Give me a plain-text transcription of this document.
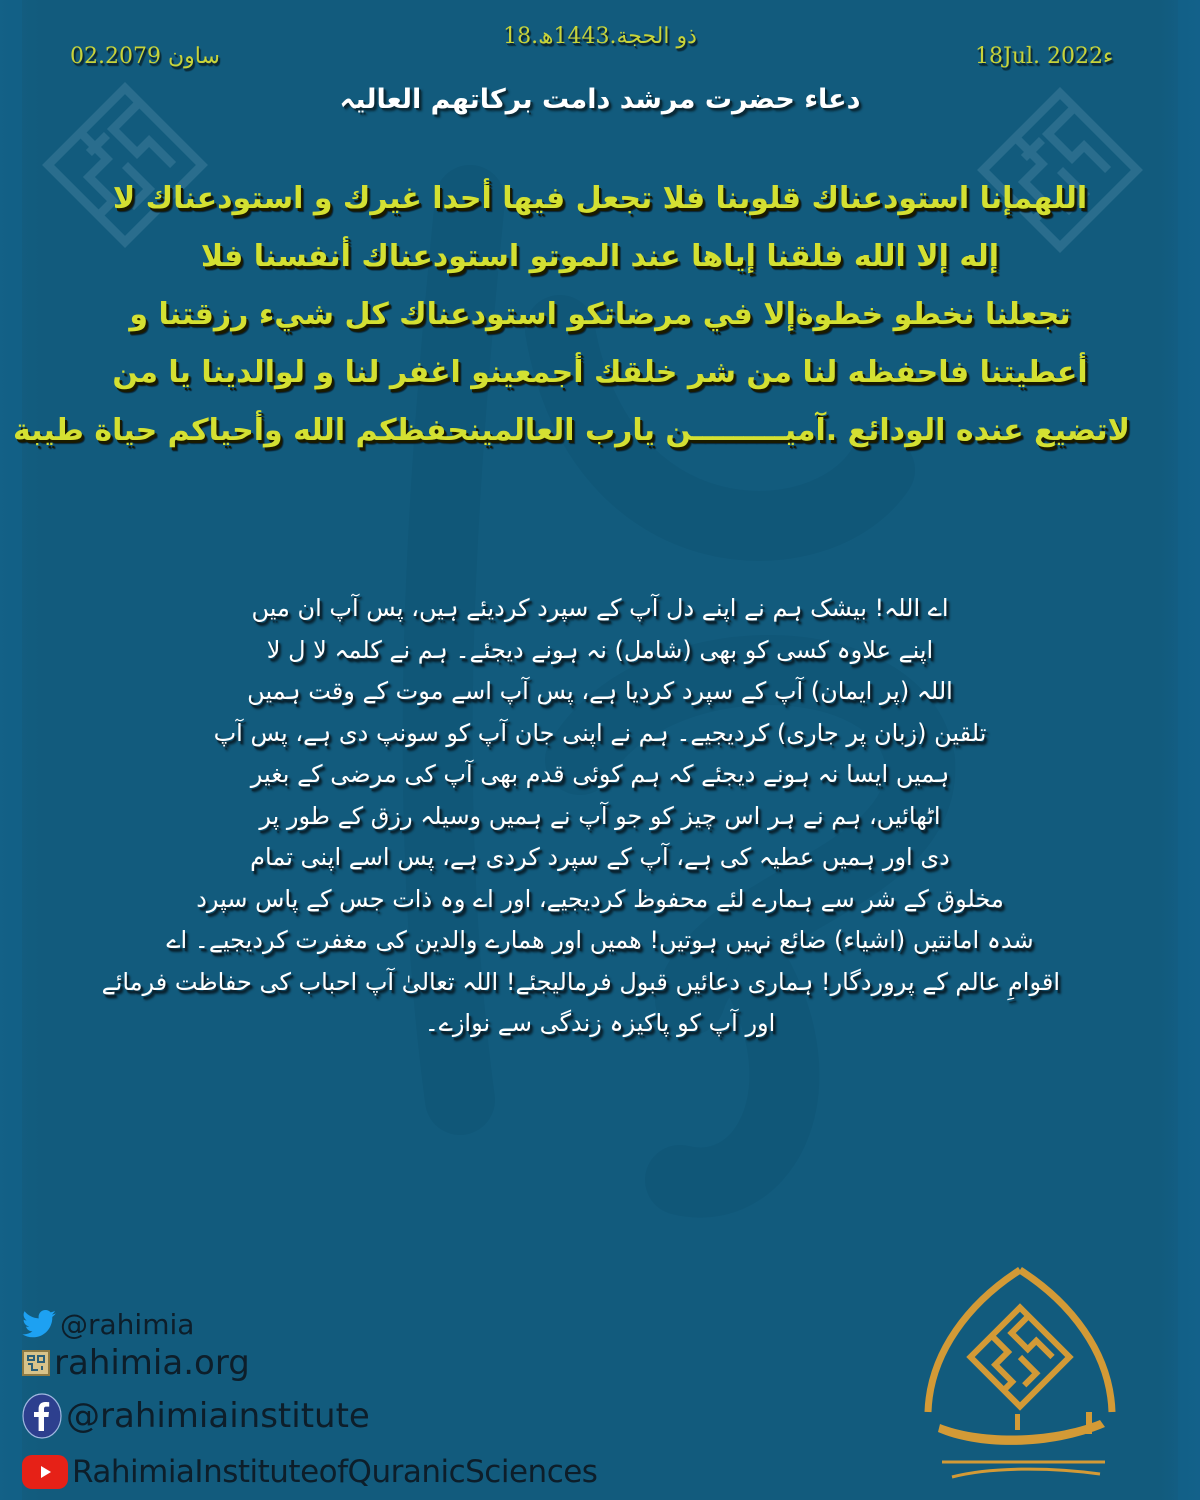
18.ذو الحجة.1443ھ
02.ساون 2079	18Jul. 2022ء
دعاء حضرت مرشد دامت برکاتھم العالیہ
اللهمإنا استودعناك قلوبنا فلا تجعل فيها أحدا غيرك و استودعناك لا
إله إلا الله فلقنا إياها عند الموتو استودعناك أنفسنا فلا
تجعلنا نخطو خطوةإلا في مرضاتكو استودعناك كل شيء رزقتنا و
أعطيتنا فاحفظه لنا من شر خلقك أجمعينو اغفر لنا و لوالدينا يا من
لاتضيع عنده الودائع .آميـــــــــن يارب العالمينحفظكم الله وأحياكم حياة طيبة
اے اللہ! بیشک ہم نے اپنے دل آپ کے سپرد کردیئے ہیں، پس آپ ان میں
اپنے علاوہ کسی کو بھی (شامل) نہ ہونے دیجئے۔ ہم نے کلمہ لا ل لا
اللہ (پر ایمان) آپ کے سپرد کردیا ہے، پس آپ اسے موت کے وقت ہمیں
تلقین (زبان پر جاری) کردیجیے۔ ہم نے اپنی جان آپ کو سونپ دی ہے، پس آپ
ہمیں ایسا نہ ہونے دیجئے کہ ہم کوئی قدم بھی آپ کی مرضی کے بغیر
اٹھائیں، ہم نے ہر اس چیز کو جو آپ نے ہمیں وسیلہ رزق کے طور پر
دی اور ہمیں عطیہ کی ہے، آپ کے سپرد کردی ہے، پس اسے اپنی تمام
مخلوق کے شر سے ہمارے لئے محفوظ کردیجیے، اور اے وہ ذات جس کے پاس سپرد
شدہ امانتیں (اشیاء) ضائع نہیں ہوتیں! ھمیں اور ھمارے والدین کی مغفرت کردیجیے۔ اے
اقوامِ عالم کے پروردگار! ہماری دعائیں قبول فرمالیجئے! اللہ تعالیٰ آپ احباب کی حفاظت فرمائے
اور آپ کو پاکیزہ زندگی سے نوازے۔
@rahimia
rahimia.org
@rahimiainstitute
RahimiaInstituteofQuranicSciences
